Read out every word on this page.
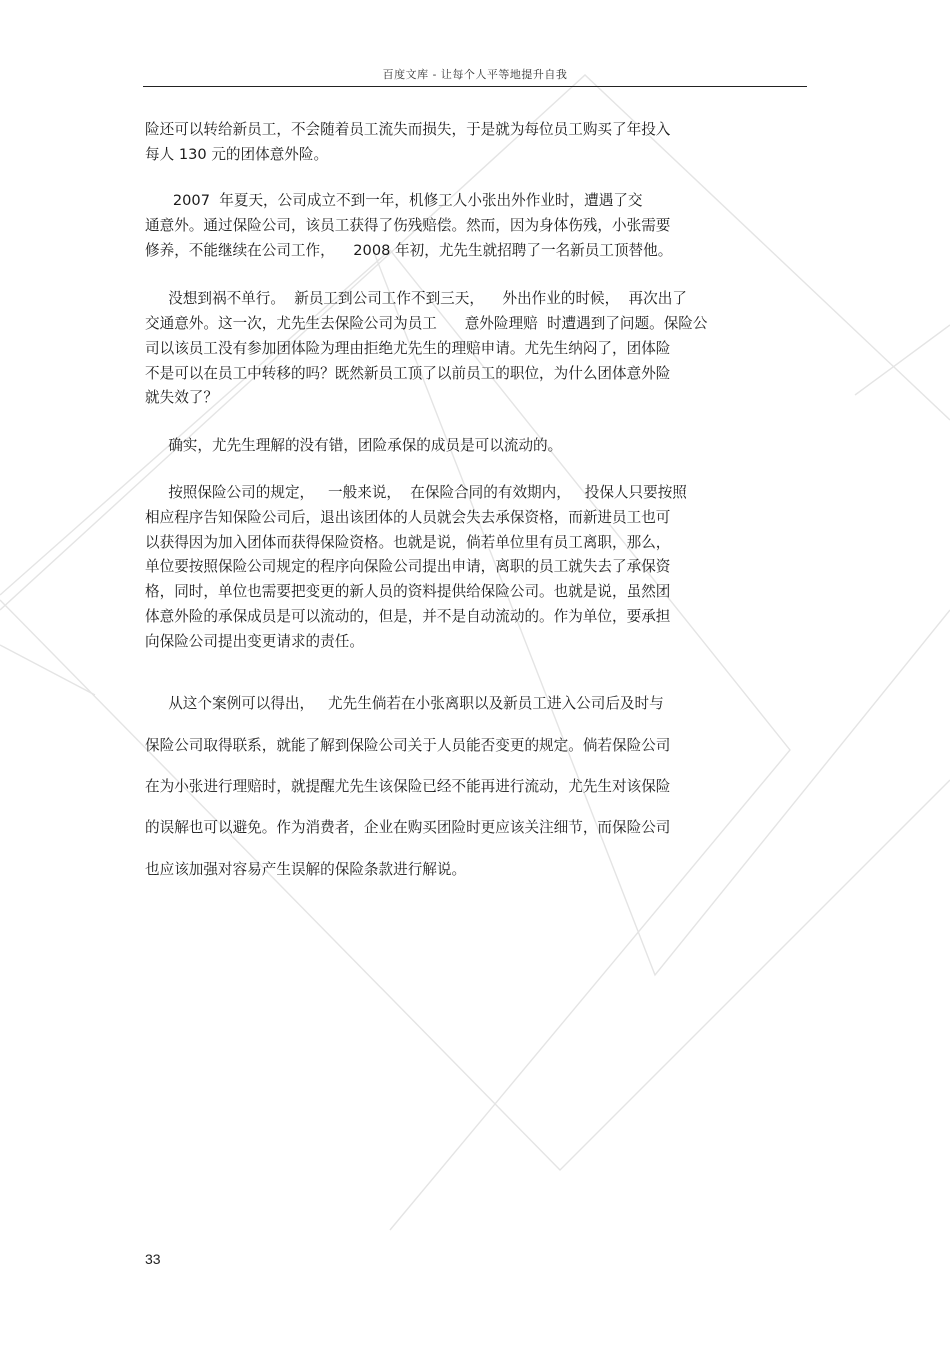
百度文库 - 让每个人平等地提升自我
险还可以转给新员工，不会随着员工流失而损失，于是就为每位员工购买了年投入
每人 130 元的团体意外险。
2007  年夏天，公司成立不到一年，机修工人小张出外作业时，遭遇了交
通意外。通过保险公司，该员工获得了伤残赔偿。然而，因为身体伤残，小张需要
修养，不能继续在公司工作，    2008 年初，尤先生就招聘了一名新员工顶替他。
没想到祸不单行。  新员工到公司工作不到三天，    外出作业的时候，  再次出了
交通意外。这一次，尤先生去保险公司为员工      意外险理赔  时遭遇到了问题。保险公
司以该员工没有参加团体险为理由拒绝尤先生的理赔申请。尤先生纳闷了，团体险
不是可以在员工中转移的吗？既然新员工顶了以前员工的职位，为什么团体意外险
就失效了？
确实，尤先生理解的没有错，团险承保的成员是可以流动的。
按照保险公司的规定，   一般来说，  在保险合同的有效期内，   投保人只要按照
相应程序告知保险公司后，退出该团体的人员就会失去承保资格，而新进员工也可
以获得因为加入团体而获得保险资格。也就是说，倘若单位里有员工离职，那么，
单位要按照保险公司规定的程序向保险公司提出申请，离职的员工就失去了承保资
格，同时，单位也需要把变更的新人员的资料提供给保险公司。也就是说，虽然团
体意外险的承保成员是可以流动的，但是，并不是自动流动的。作为单位，要承担
向保险公司提出变更请求的责任。
从这个案例可以得出，   尤先生倘若在小张离职以及新员工进入公司后及时与
保险公司取得联系，就能了解到保险公司关于人员能否变更的规定。倘若保险公司
在为小张进行理赔时，就提醒尤先生该保险已经不能再进行流动，尤先生对该保险
的误解也可以避免。作为消费者，企业在购买团险时更应该关注细节，而保险公司
也应该加强对容易产生误解的保险条款进行解说。
33
